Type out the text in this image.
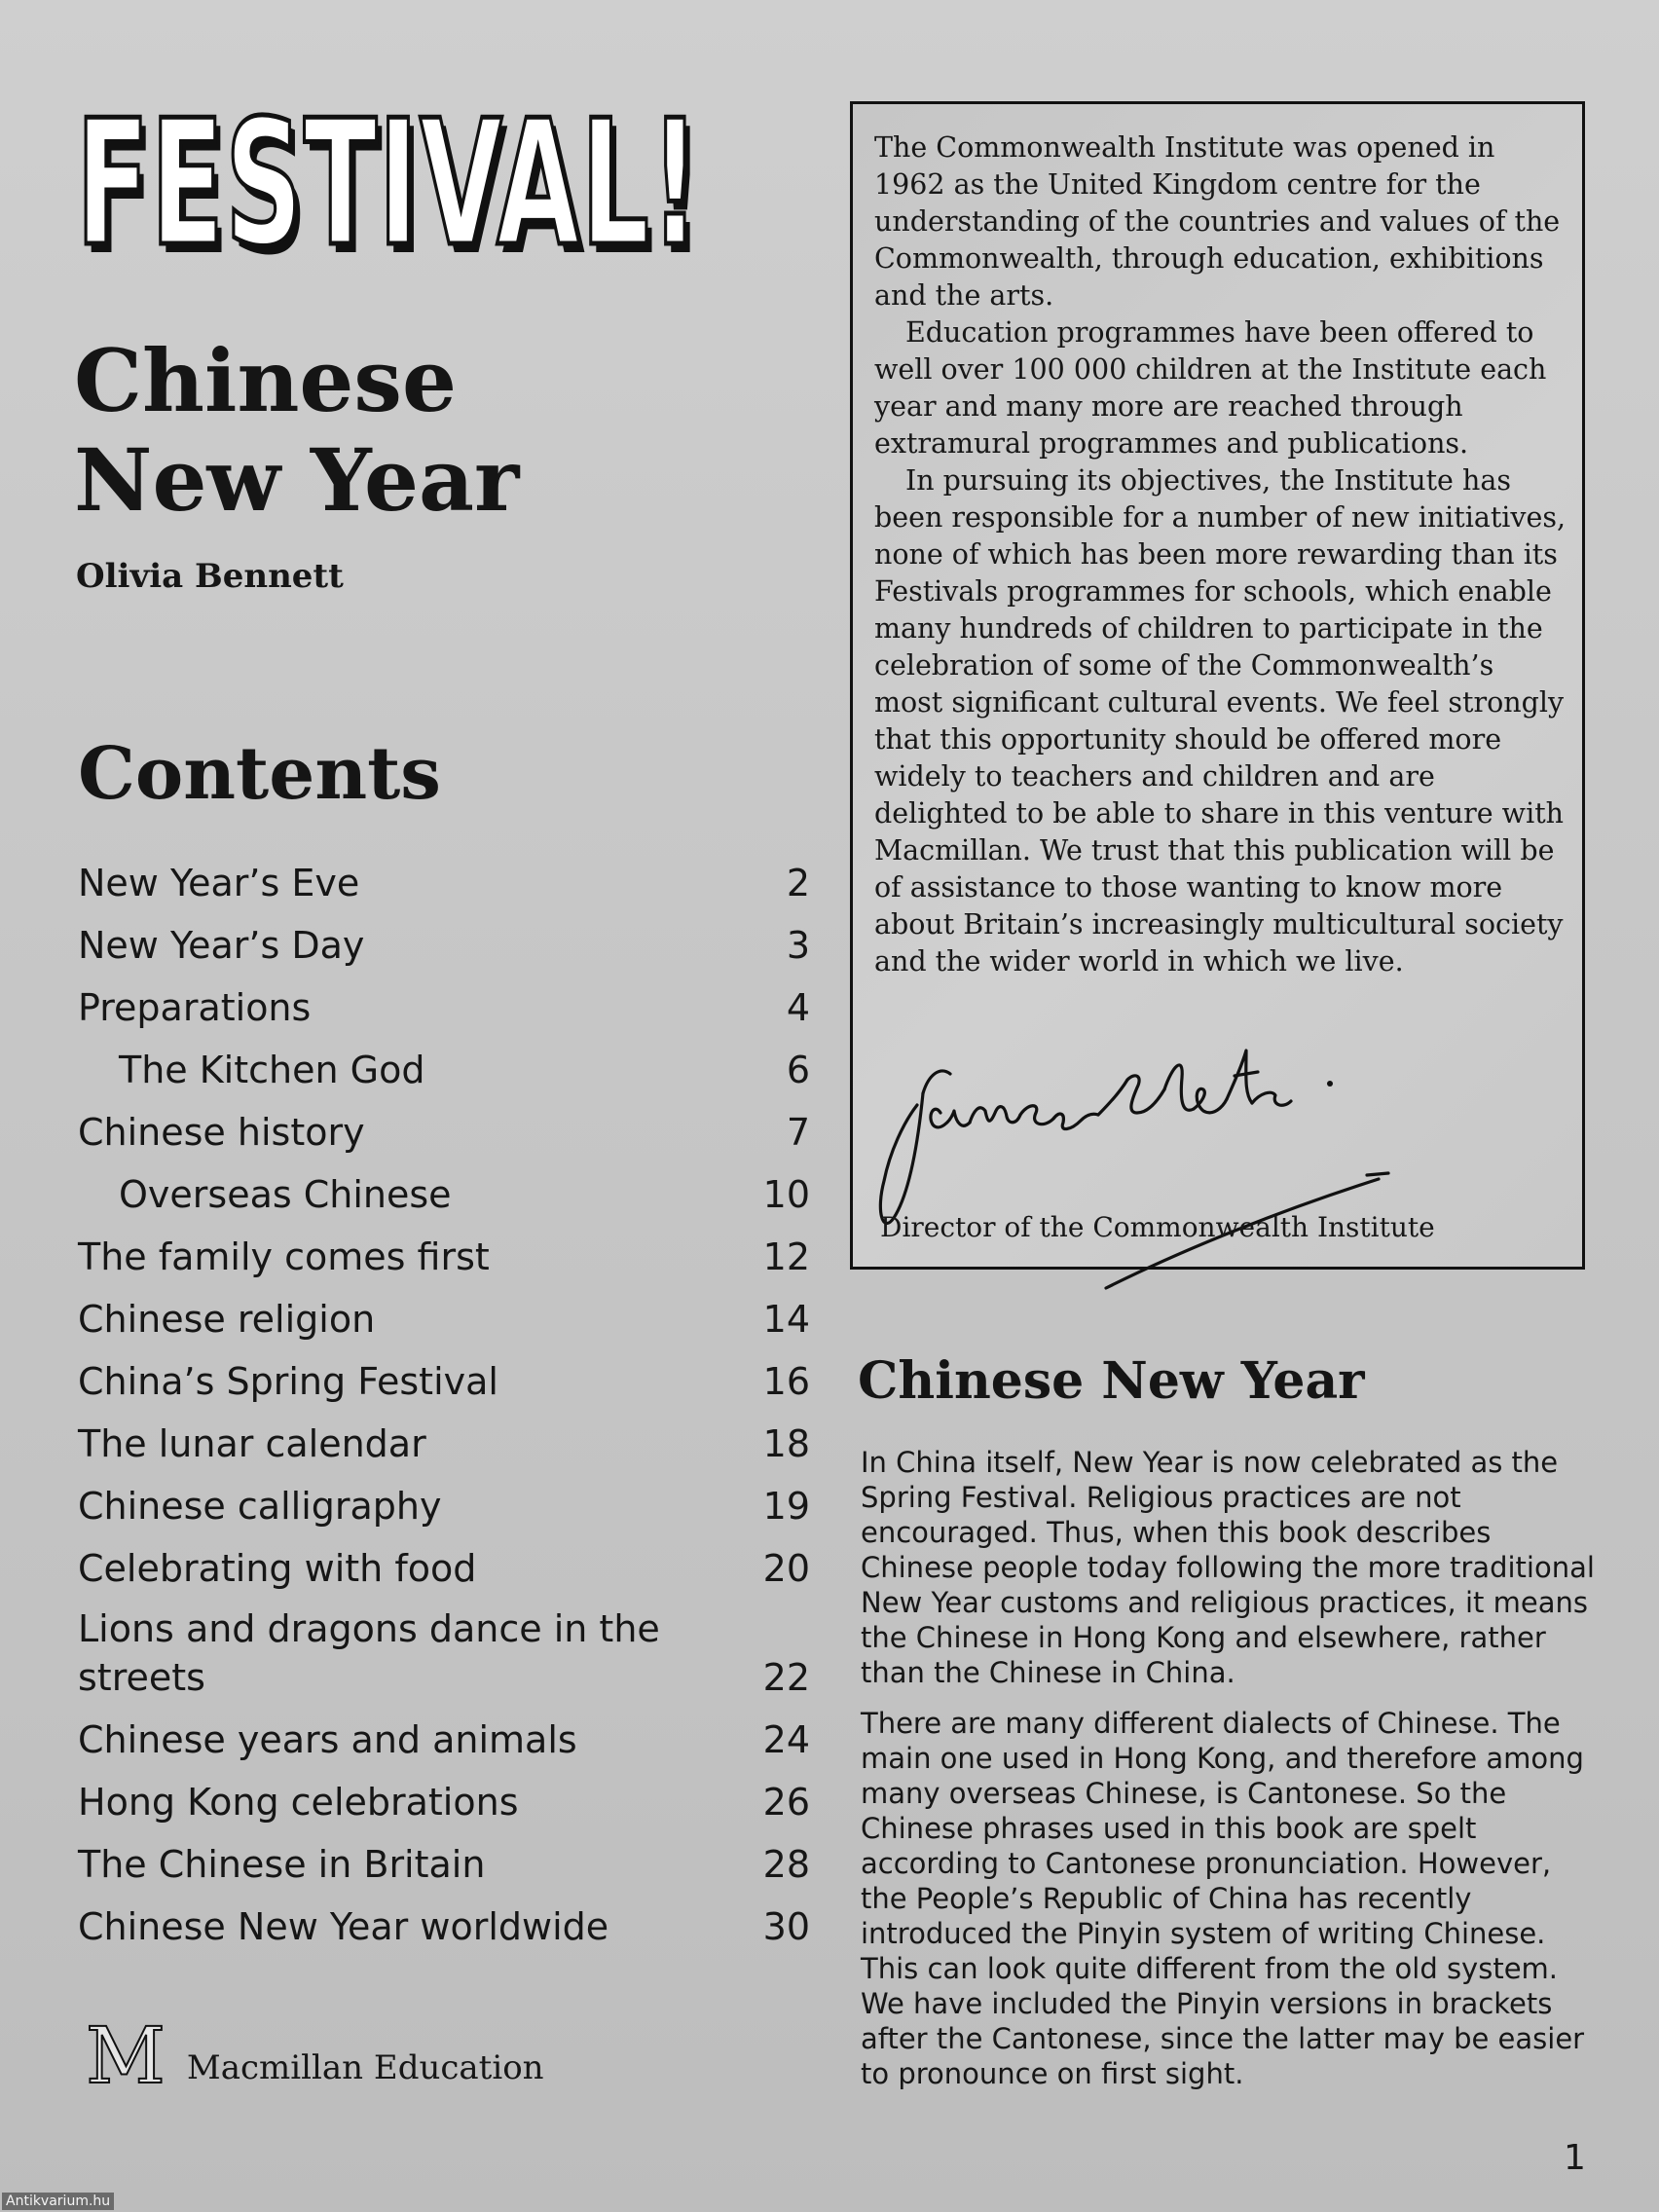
FESTIVAL!
Chinese
New Year
Olivia Bennett
Contents
New Year’s Eve	2
New Year’s Day	3
Preparations	4
The Kitchen God	6
Chinese history	7
Overseas Chinese	10
The family comes first	12
Chinese religion	14
China’s Spring Festival	16
The lunar calendar	18
Chinese calligraphy	19
Celebrating with food	20
Lions and dragons dance in the streets	22
Chinese years and animals	24
Hong Kong celebrations	26
The Chinese in Britain	28
Chinese New Year worldwide	30
M Macmillan Education

The Commonwealth Institute was opened in 1962 as the United Kingdom centre for the understanding of the countries and values of the Commonwealth, through education, exhibitions and the arts.

Education programmes have been offered to well over 100 000 children at the Institute each year and many more are reached through extramural programmes and publications.

In pursuing its objectives, the Institute has been responsible for a number of new initiatives, none of which has been more rewarding than its Festivals programmes for schools, which enable many hundreds of children to participate in the celebration of some of the Commonwealth’s most significant cultural events. We feel strongly that this opportunity should be offered more widely to teachers and children and are delighted to be able to share in this venture with Macmillan. We trust that this publication will be of assistance to those wanting to know more about Britain’s increasingly multicultural society and the wider world in which we live.

Director of the Commonwealth Institute
Chinese New Year

In China itself, New Year is now celebrated as the Spring Festival. Religious practices are not encouraged. Thus, when this book describes Chinese people today following the more traditional New Year customs and religious practices, it means the Chinese in Hong Kong and elsewhere, rather than the Chinese in China.

There are many different dialects of Chinese. The main one used in Hong Kong, and therefore among many overseas Chinese, is Cantonese. So the Chinese phrases used in this book are spelt according to Cantonese pronunciation. However, the People’s Republic of China has recently introduced the Pinyin system of writing Chinese. This can look quite different from the old system. We have included the Pinyin versions in brackets after the Cantonese, since the latter may be easier to pronounce on first sight.

1
Antikvarium.hu
